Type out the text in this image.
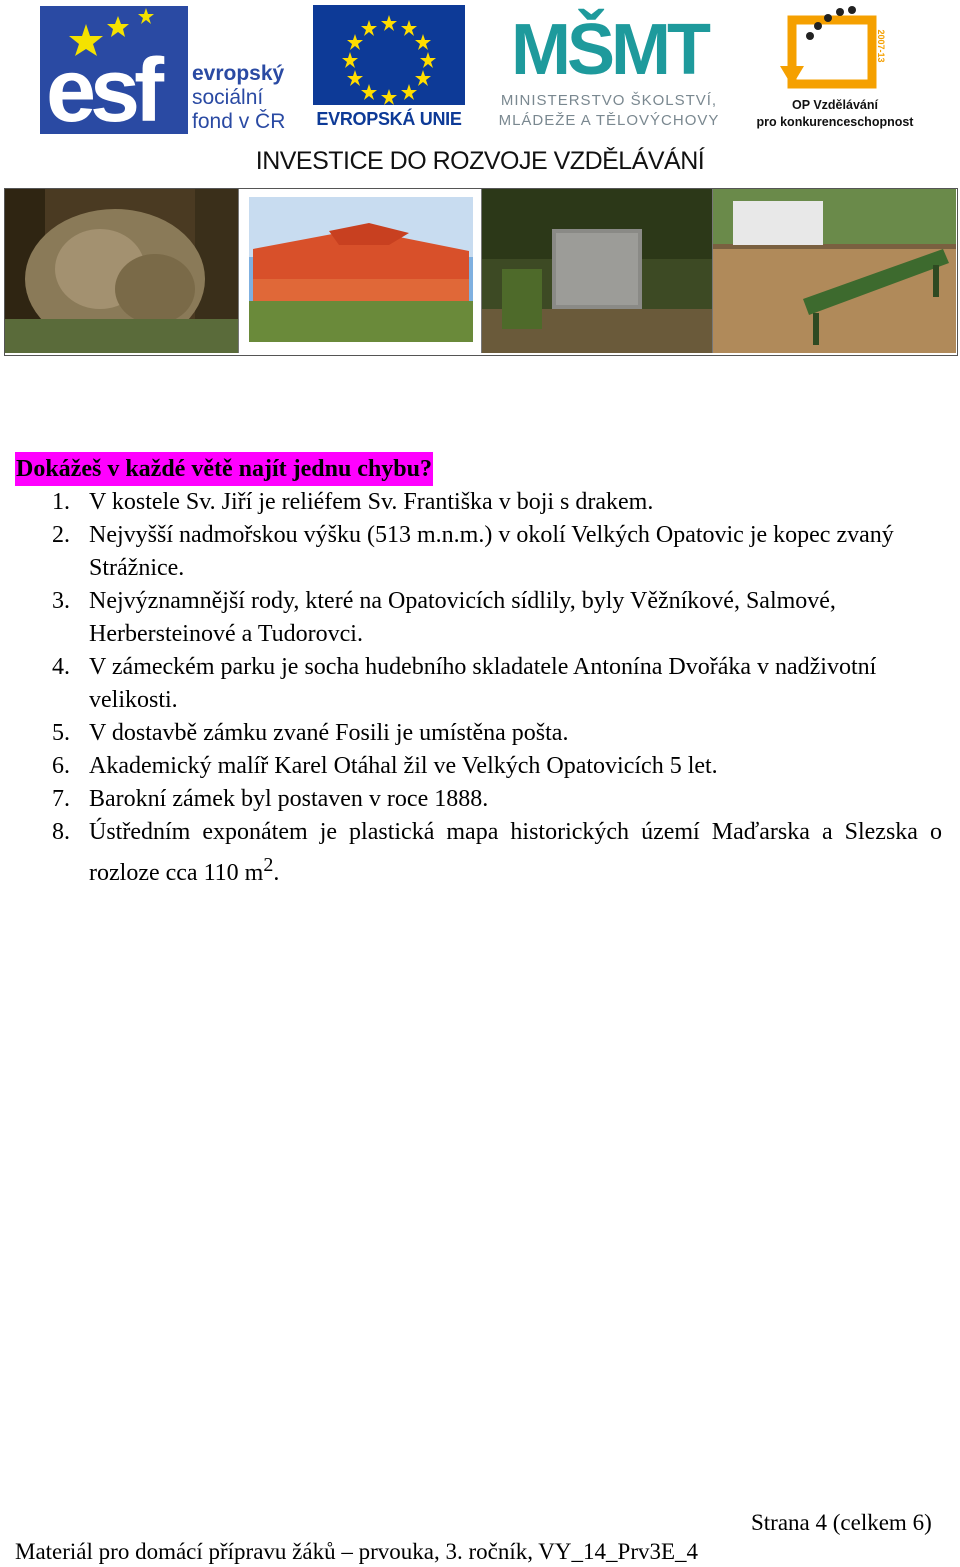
esf evropský
sociální
fond v ČR EVROPSKÁ UNIE
MŠMT
MINISTERSTVO ŠKOLSTVÍ,
MLÁDEŽE A TĚLOVÝCHOVY
2007-13
OP Vzdělávání
pro konkurenceschopnost
INVESTICE DO ROZVOJE VZDĚLÁVÁNÍ
Dokážeš v každé větě najít jednu chybu?
1. V kostele Sv. Jiří je reliéfem Sv. Františka v boji s drakem.
2. Nejvyšší nadmořskou výšku (513 m.n.m.) v okolí Velkých Opatovic je kopec zvaný Strážnice.
3. Nejvýznamnější rody, které na Opatovicích sídlily, byly Věžníkové, Salmové, Herbersteinové a Tudorovci.
4. V zámeckém parku je socha hudebního skladatele Antonína Dvořáka v nadživotní velikosti.
5. V dostavbě zámku zvané Fosili je umístěna pošta.
6. Akademický malíř Karel Otáhal žil ve Velkých Opatovicích 5 let.
7. Barokní zámek byl postaven v roce 1888.
8. Ústředním exponátem je plastická mapa historických území Maďarska a Slezska o rozloze cca 110 $m^2$.
Strana 4 (celkem 6)
Materiál pro domácí přípravu žáků – prvouka, 3. ročník, VY_14_Prv3E_4
